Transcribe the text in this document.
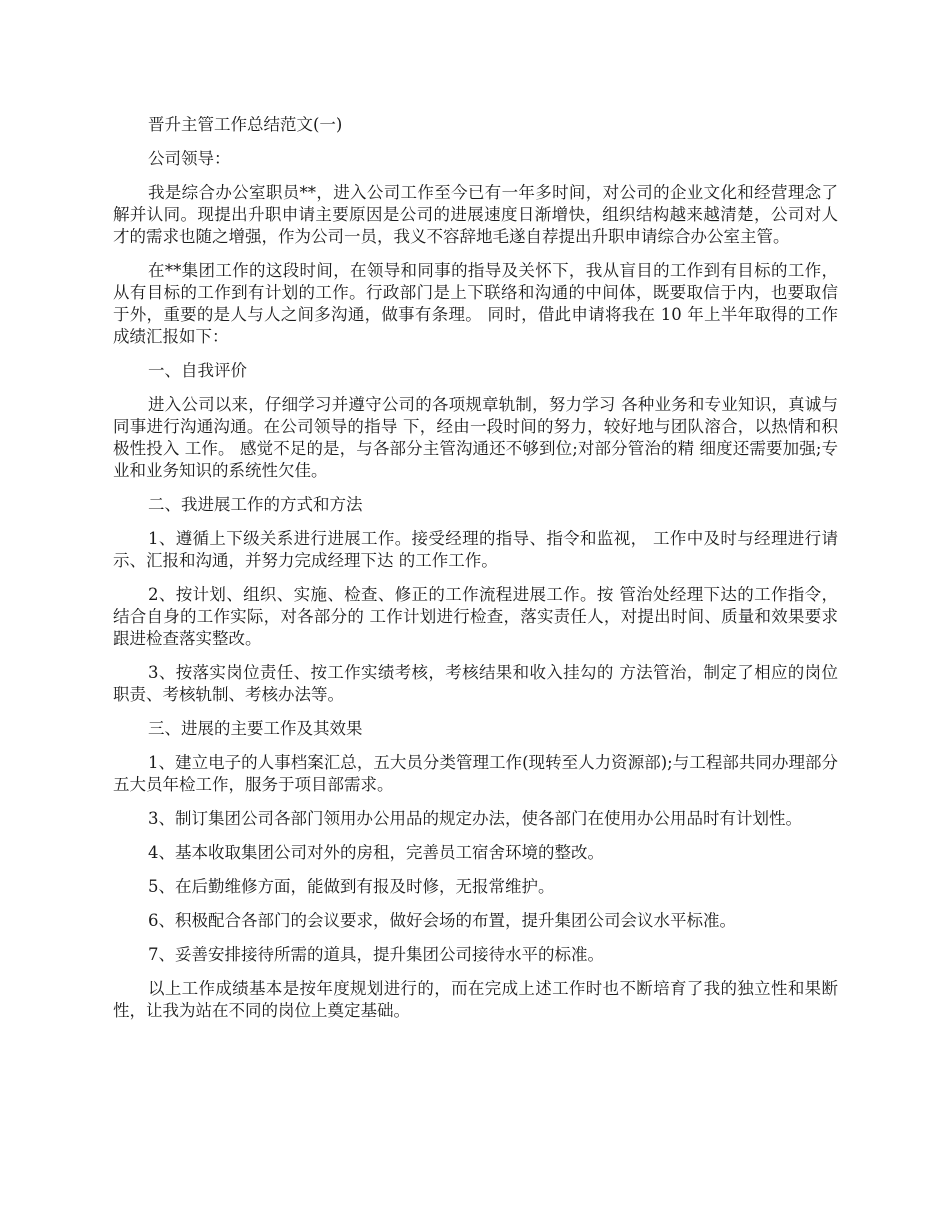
晋升主管工作总结范文(一)

公司领导：

我是综合办公室职员**，进入公司工作至今已有一年多时间，对公司的企业文化和经营理念了解并认同。现提出升职申请主要原因是公司的进展速度日渐增快，组织结构越来越清楚，公司对人才的需求也随之增强，作为公司一员，我义不容辞地毛遂自荐提出升职申请综合办公室主管。

在**集团工作的这段时间，在领导和同事的指导及关怀下，我从盲目的工作到有目标的工作，从有目标的工作到有计划的工作。行政部门是上下联络和沟通的中间体，既要取信于内，也要取信于外，重要的是人与人之间多沟通，做事有条理。 同时，借此申请将我在 10 年上半年取得的工作成绩汇报如下：

一、自我评价

进入公司以来，仔细学习并遵守公司的各项规章轨制，努力学习 各种业务和专业知识，真诚与同事进行沟通沟通。在公司领导的指导 下，经由一段时间的努力，较好地与团队溶合，以热情和积极性投入 工作。 感觉不足的是，与各部分主管沟通还不够到位;对部分管治的精 细度还需要加强;专业和业务知识的系统性欠佳。

二、我进展工作的方式和方法

1、遵循上下级关系进行进展工作。接受经理的指导、指令和监视， 工作中及时与经理进行请示、汇报和沟通，并努力完成经理下达 的工作工作。

2、按计划、组织、实施、检查、修正的工作流程进展工作。按 管治处经理下达的工作指令，结合自身的工作实际，对各部分的 工作计划进行检查，落实责任人，对提出时间、质量和效果要求 跟进检查落实整改。

3、按落实岗位责任、按工作实绩考核，考核结果和收入挂勾的 方法管治，制定了相应的岗位职责、考核轨制、考核办法等。

三、进展的主要工作及其效果

1、建立电子的人事档案汇总，五大员分类管理工作(现转至人力资源部);与工程部共同办理部分五大员年检工作，服务于项目部需求。

3、制订集团公司各部门领用办公用品的规定办法，使各部门在使用办公用品时有计划性。

4、基本收取集团公司对外的房租，完善员工宿舍环境的整改。

5、在后勤维修方面，能做到有报及时修，无报常维护。

6、积极配合各部门的会议要求，做好会场的布置，提升集团公司会议水平标准。

7、妥善安排接待所需的道具，提升集团公司接待水平的标准。

以上工作成绩基本是按年度规划进行的，而在完成上述工作时也不断培育了我的独立性和果断性，让我为站在不同的岗位上奠定基础。
